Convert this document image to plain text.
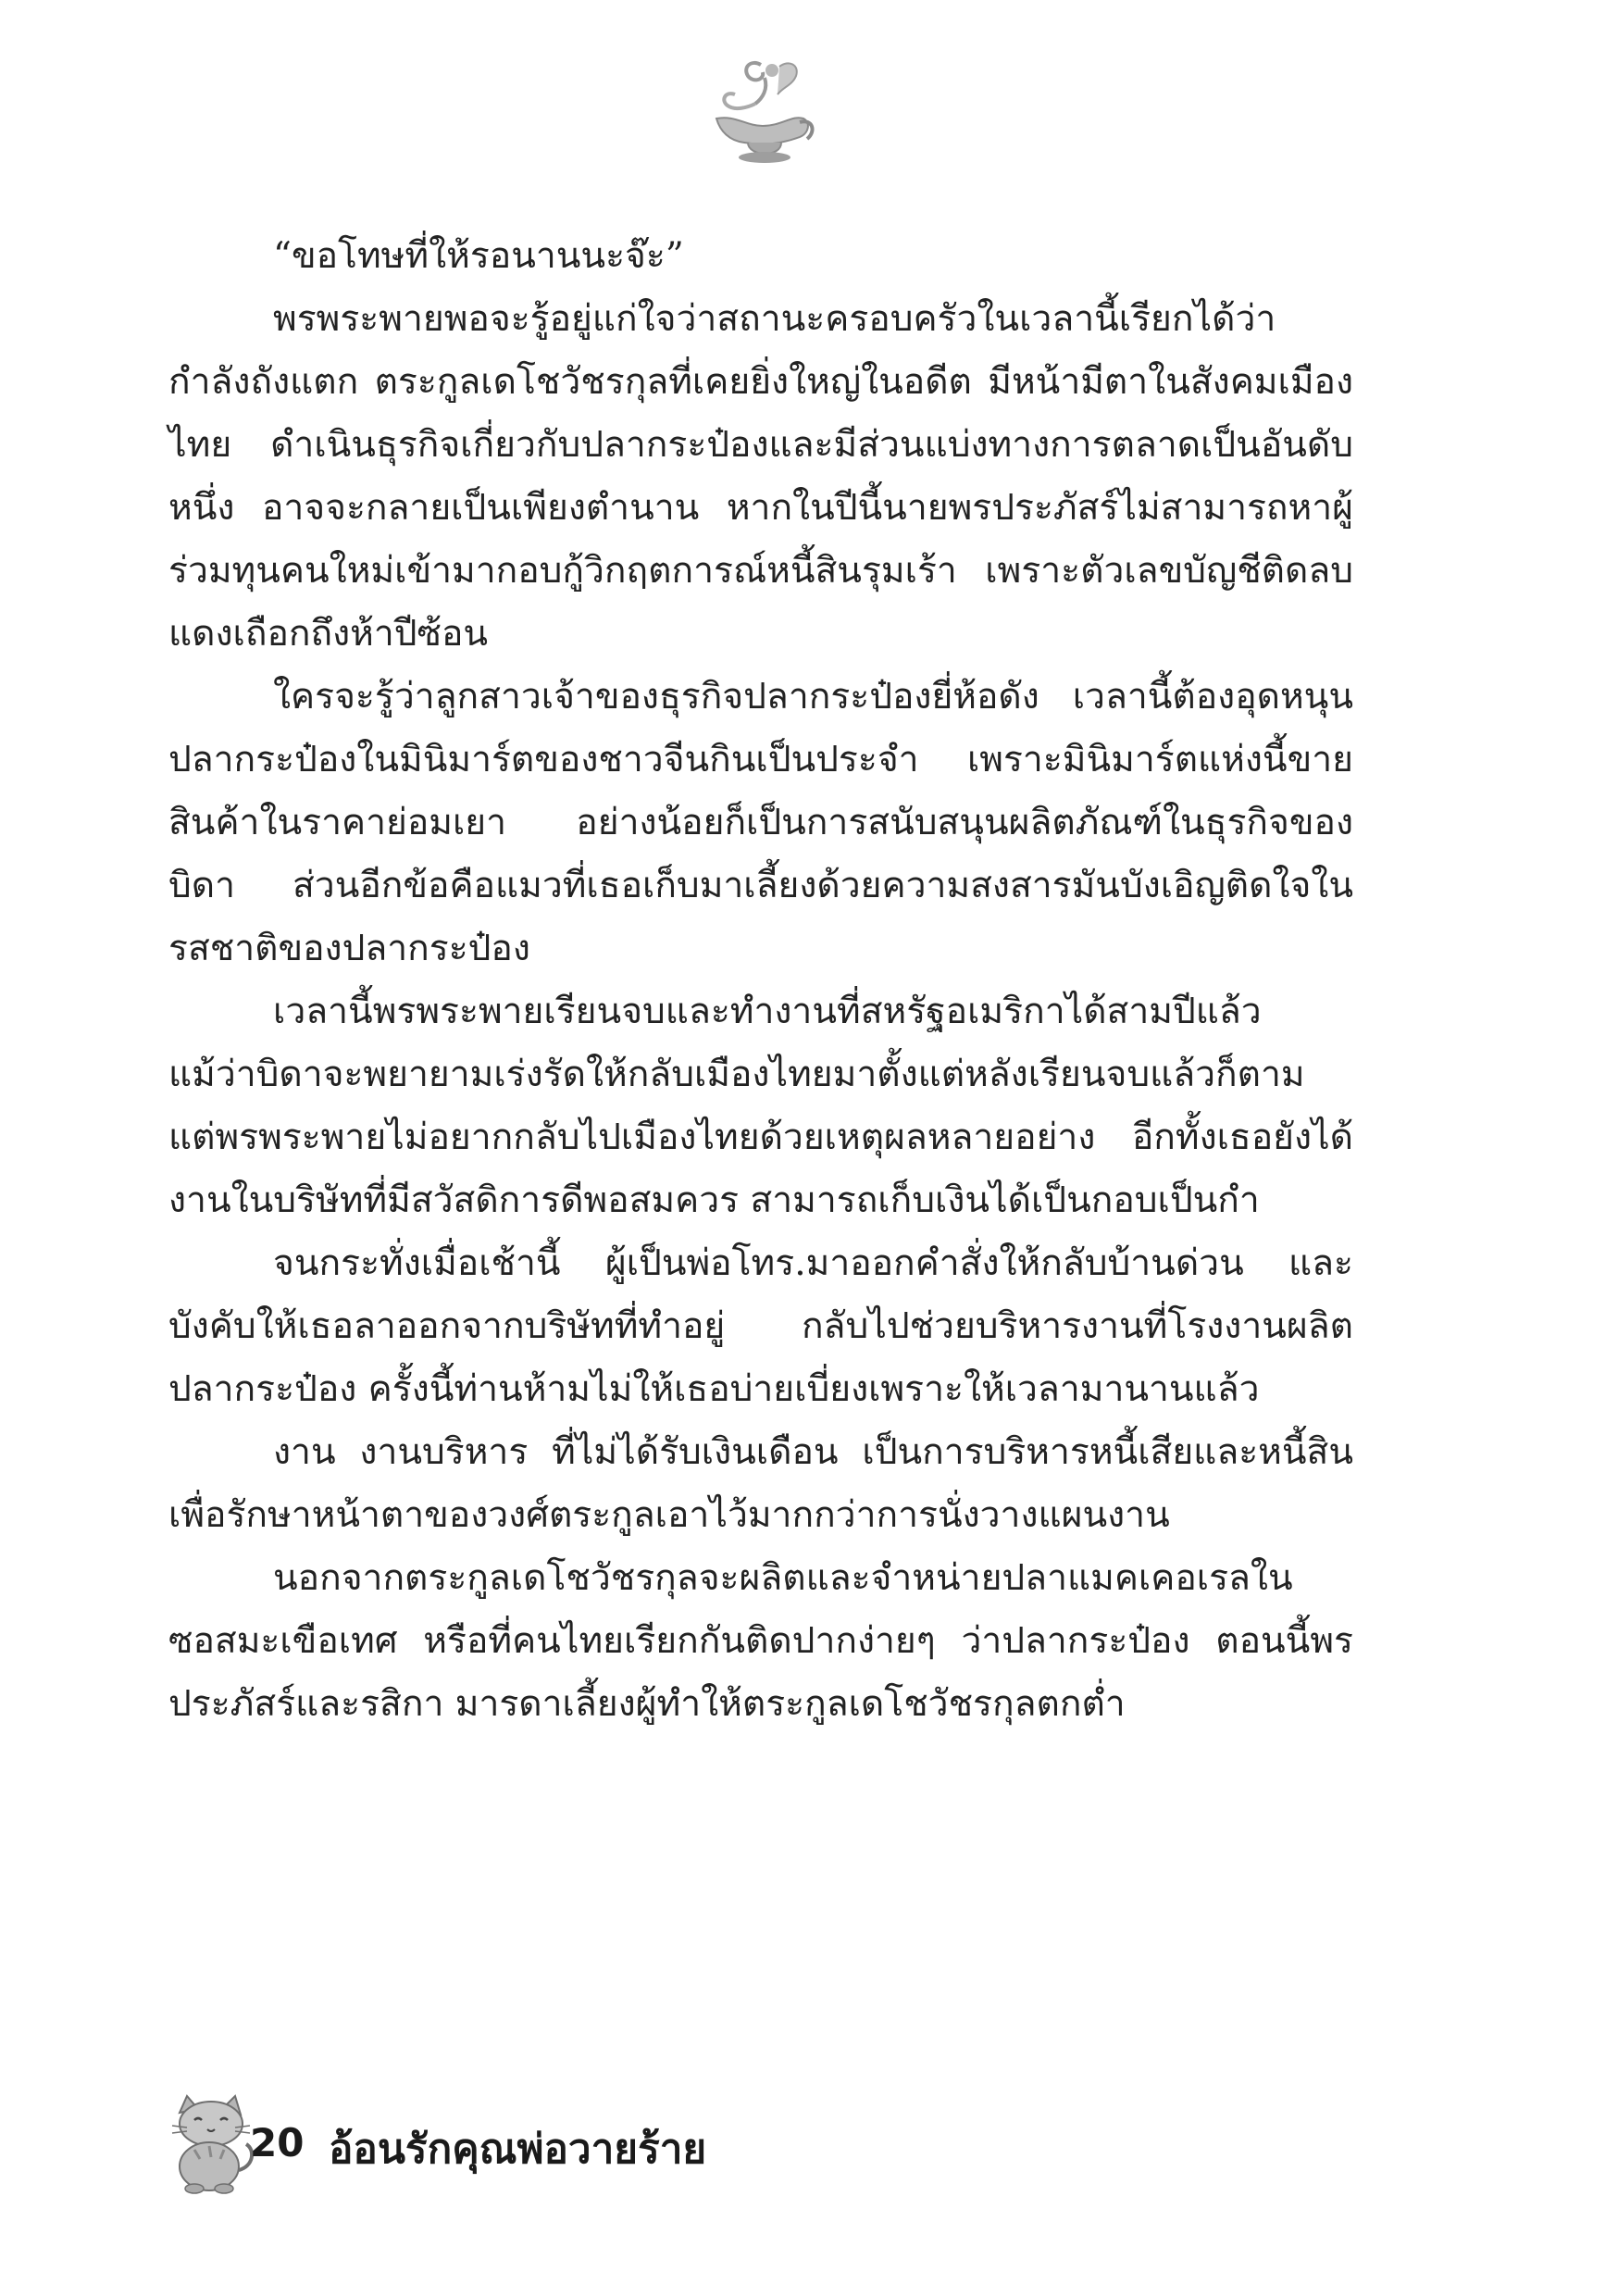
“ขอโทษที่ให้รอนานนะจ๊ะ”

พรพระพายพอจะรู้อยู่แก่ใจว่าสถานะครอบครัวในเวลานี้เรียกได้ว่ากำลังถังแตก ตระกูลเดโชวัชรกุลที่เคยยิ่งใหญ่ในอดีต มีหน้ามีตาในสังคมเมืองไทย ดำเนินธุรกิจเกี่ยวกับปลากระป๋องและมีส่วนแบ่งทางการตลาดเป็นอันดับหนึ่ง อาจจะกลายเป็นเพียงตำนาน หากในปีนี้นายพรประภัสร์ไม่สามารถหาผู้ร่วมทุนคนใหม่เข้ามากอบกู้วิกฤตการณ์หนี้สินรุมเร้า เพราะตัวเลขบัญชีติดลบแดงเถือกถึงห้าปีซ้อน

ใครจะรู้ว่าลูกสาวเจ้าของธุรกิจปลากระป๋องยี่ห้อดัง เวลานี้ต้องอุดหนุนปลากระป๋องในมินิมาร์ตของชาวจีนกินเป็นประจำ เพราะมินิมาร์ตแห่งนี้ขายสินค้าในราคาย่อมเยา อย่างน้อยก็เป็นการสนับสนุนผลิตภัณฑ์ในธุรกิจของบิดา ส่วนอีกข้อคือแมวที่เธอเก็บมาเลี้ยงด้วยความสงสารมันบังเอิญติดใจในรสชาติของปลากระป๋อง

เวลานี้พรพระพายเรียนจบและทำงานที่สหรัฐอเมริกาได้สามปีแล้ว แม้ว่าบิดาจะพยายามเร่งรัดให้กลับเมืองไทยมาตั้งแต่หลังเรียนจบแล้วก็ตาม แต่พรพระพายไม่อยากกลับไปเมืองไทยด้วยเหตุผลหลายอย่าง อีกทั้งเธอยังได้งานในบริษัทที่มีสวัสดิการดีพอสมควร สามารถเก็บเงินได้เป็นกอบเป็นกำ

จนกระทั่งเมื่อเช้านี้ ผู้เป็นพ่อโทร.มาออกคำสั่งให้กลับบ้านด่วน และบังคับให้เธอลาออกจากบริษัทที่ทำอยู่ กลับไปช่วยบริหารงานที่โรงงานผลิตปลากระป๋อง ครั้งนี้ท่านห้ามไม่ให้เธอบ่ายเบี่ยงเพราะให้เวลามานานแล้ว

งาน งานบริหาร ที่ไม่ได้รับเงินเดือน เป็นการบริหารหนี้เสียและหนี้สินเพื่อรักษาหน้าตาของวงศ์ตระกูลเอาไว้มากกว่าการนั่งวางแผนงาน

นอกจากตระกูลเดโชวัชรกุลจะผลิตและจำหน่ายปลาแมคเคอเรลในซอสมะเขือเทศ หรือที่คนไทยเรียกกันติดปากง่ายๆ ว่าปลากระป๋อง ตอนนี้พรประภัสร์และรสิกา มารดาเลี้ยงผู้ทำให้ตระกูลเดโชวัชรกุลตกต่ำ

20 อ้อนรักคุณพ่อวายร้าย
